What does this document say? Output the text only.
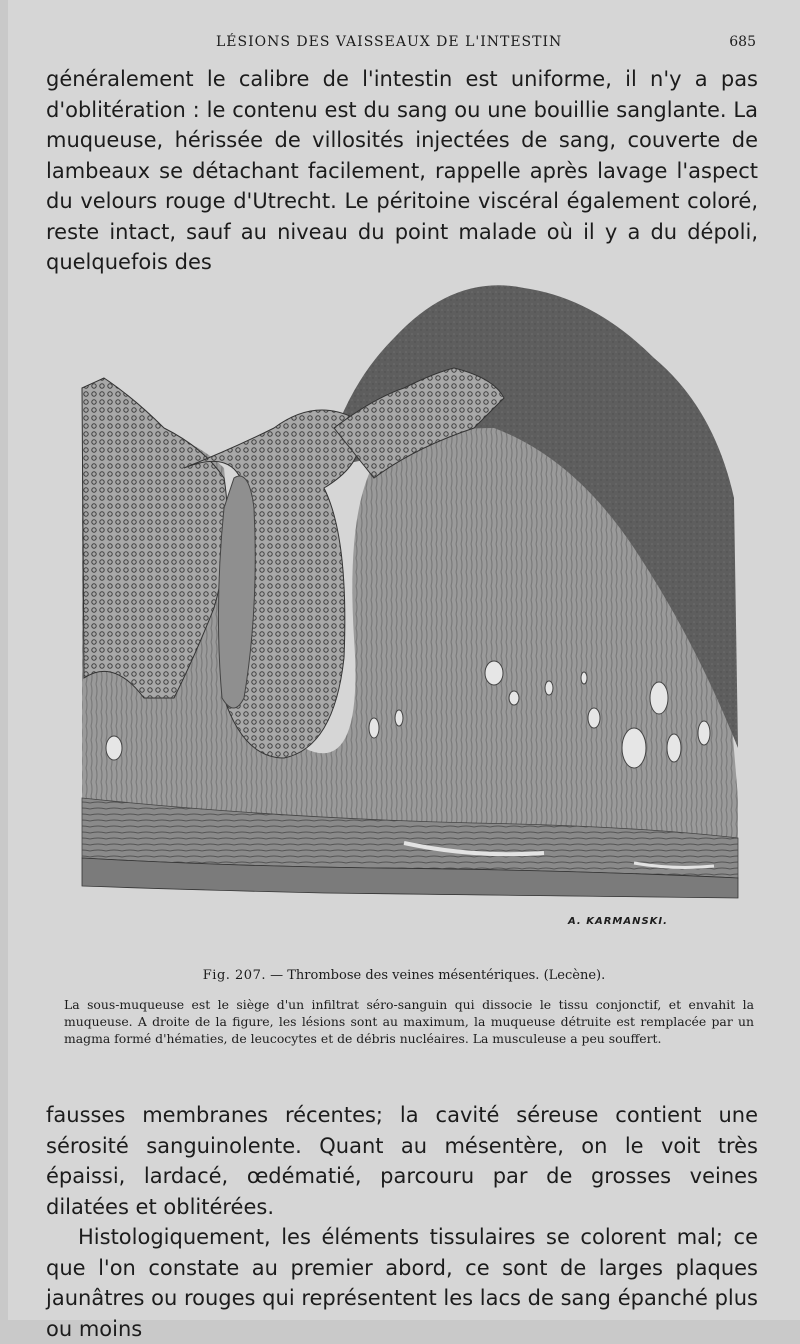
LÉSIONS DES VAISSEAUX DE L'INTESTIN	685

généralement le calibre de l'intestin est uniforme, il n'y a pas d'oblitération : le contenu est du sang ou une bouillie sanglante. La muqueuse, hérissée de villosités injectées de sang, couverte de lambeaux se détachant facilement, rappelle après lavage l'aspect du velours rouge d'Utrecht. Le péritoine viscéral également coloré, reste intact, sauf au niveau du point malade où il y a du dépoli, quelquefois des

A. KARMANSKI.
Fig. 207. — Thrombose des veines mésentériques. (Lecène).
La sous-muqueuse est le siège d'un infiltrat séro-sanguin qui dissocie le tissu conjonctif, et envahit la muqueuse. A droite de la figure, les lésions sont au maximum, la muqueuse détruite est remplacée par un magma formé d'hématies, de leucocytes et de débris nucléaires. La musculeuse a peu souffert.

fausses membranes récentes; la cavité séreuse contient une sérosité sanguinolente. Quant au mésentère, on le voit très épaissi, lardacé, œdématié, parcouru par de grosses veines dilatées et oblitérées.

Histologiquement, les éléments tissulaires se colorent mal; ce que l'on constate au premier abord, ce sont de larges plaques jaunâtres ou rouges qui représentent les lacs de sang épanché plus ou moins
